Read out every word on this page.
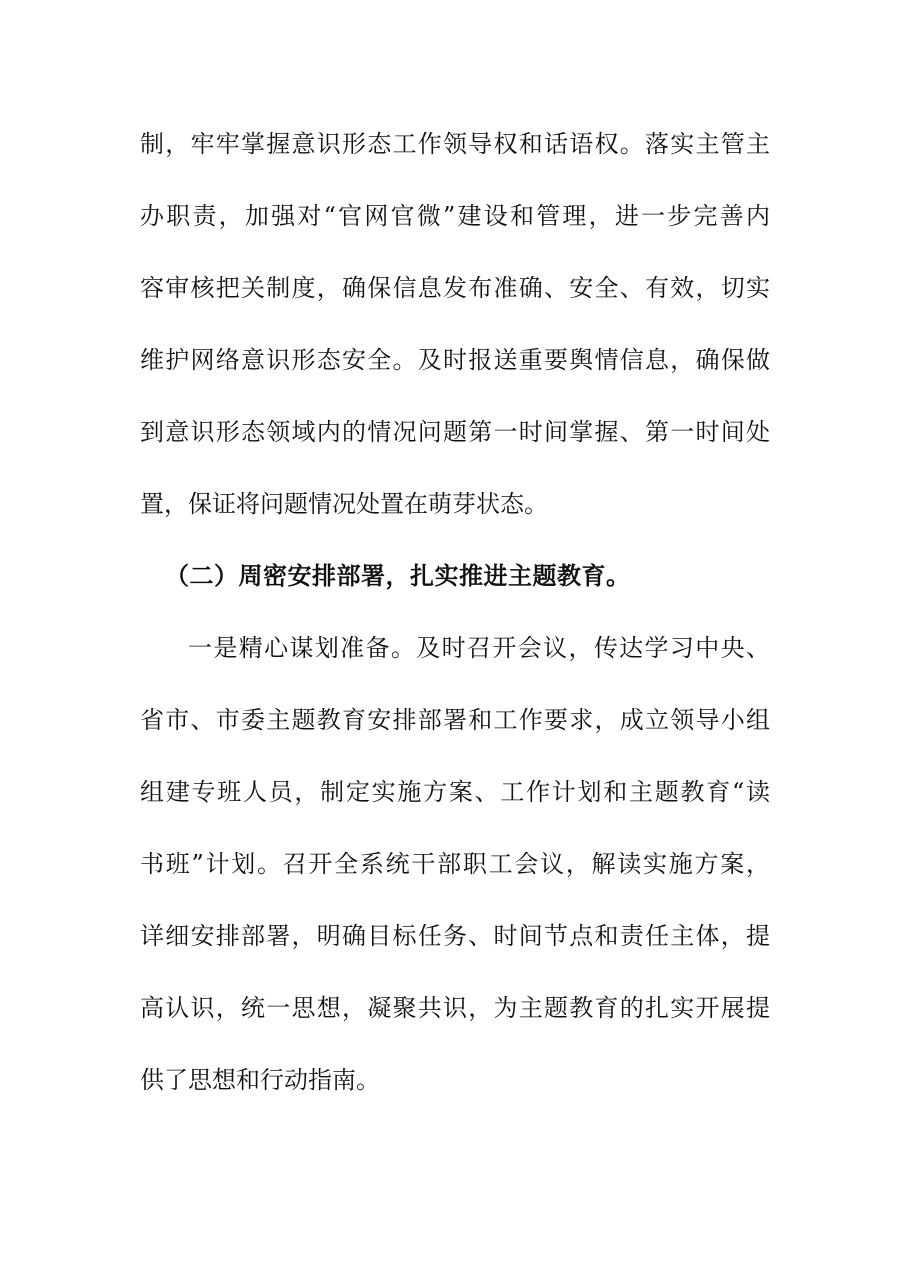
制，牢牢掌握意识形态工作领导权和话语权。落实主管主
办职责，加强对“官网官微”建设和管理，进一步完善内
容审核把关制度，确保信息发布准确、安全、有效，切实
维护网络意识形态安全。及时报送重要舆情信息，确保做
到意识形态领域内的情况问题第一时间掌握、第一时间处
置，保证将问题情况处置在萌芽状态。
（二）周密安排部署，扎实推进主题教育。
一是精心谋划准备。及时召开会议，传达学习中央、
省市、市委主题教育安排部署和工作要求，成立领导小组
组建专班人员，制定实施方案、工作计划和主题教育“读
书班”计划。召开全系统干部职工会议，解读实施方案，
详细安排部署，明确目标任务、时间节点和责任主体，提
高认识，统一思想，凝聚共识，为主题教育的扎实开展提
供了思想和行动指南。
